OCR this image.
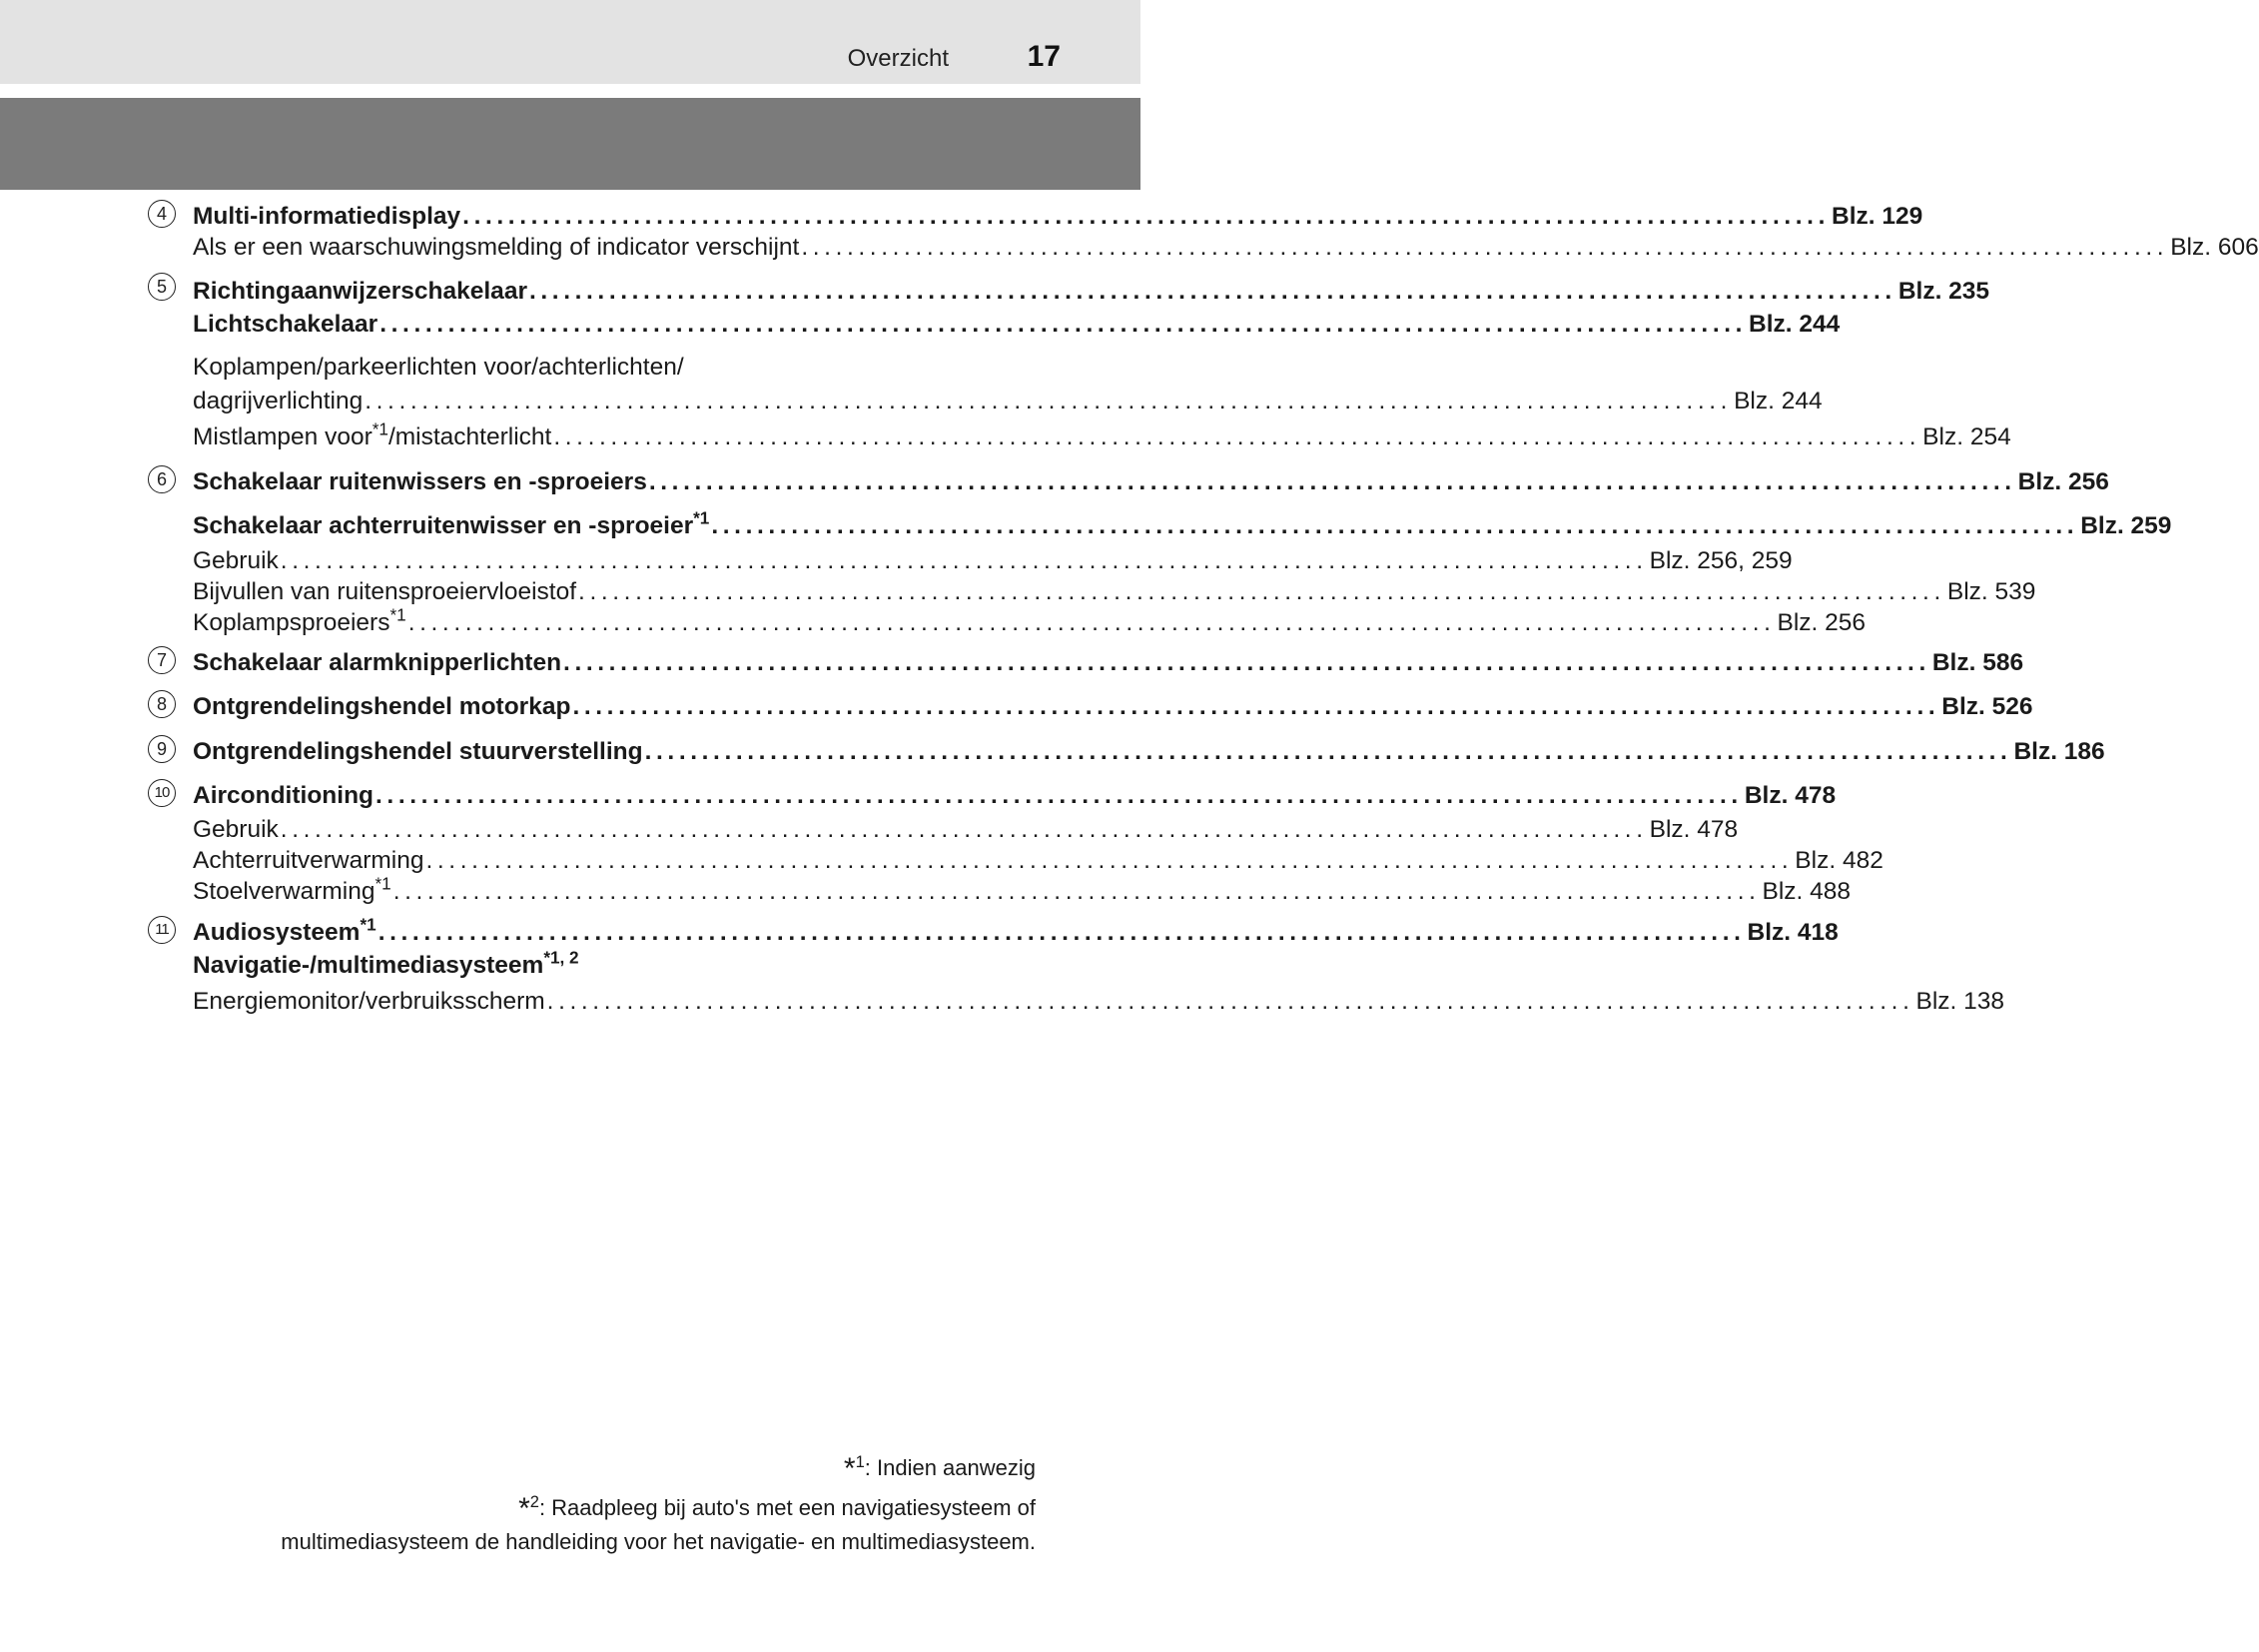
Overzicht	17
4	Multi-informatiedisplay ........................................................................................................................ Blz. 129
Als er een waarschuwingsmelding of indicator verschijnt ........................................................................................................................ Blz. 606
5	Richtingaanwijzerschakelaar ........................................................................................................................ Blz. 235
Lichtschakelaar ........................................................................................................................ Blz. 244
Koplampen/parkeerlichten voor/achterlichten/
dagrijverlichting ........................................................................................................................ Blz. 244
Mistlampen voor$^{*1}$/mistachterlicht ........................................................................................................................ Blz. 254
6	Schakelaar ruitenwissers en -sproeiers ........................................................................................................................ Blz. 256
Schakelaar achterruitenwisser en -sproeier$^{*1}$ ........................................................................................................................ Blz. 259
Gebruik ........................................................................................................................ Blz. 256, 259
Bijvullen van ruitensproeiervloeistof ........................................................................................................................ Blz. 539
Koplampsproeiers$^{*1}$ ........................................................................................................................ Blz. 256
7	Schakelaar alarmknipperlichten ........................................................................................................................ Blz. 586
8	Ontgrendelingshendel motorkap ........................................................................................................................ Blz. 526
9	Ontgrendelingshendel stuurverstelling ........................................................................................................................ Blz. 186
10 Airconditioning ........................................................................................................................ Blz. 478
Gebruik ........................................................................................................................ Blz. 478
Achterruitverwarming ........................................................................................................................ Blz. 482
Stoelverwarming$^{*1}$ ........................................................................................................................ Blz. 488
11 Audiosysteem$^{*1}$ ........................................................................................................................ Blz. 418
Navigatie-/multimediasysteem$^{*1, 2}$
Energiemonitor/verbruiksscherm ........................................................................................................................ Blz. 138
*$^1$: Indien aanwezig
*$^2$: Raadpleeg bij auto's met een navigatiesysteem of
multimediasysteem de handleiding voor het navigatie- en multimediasysteem.
